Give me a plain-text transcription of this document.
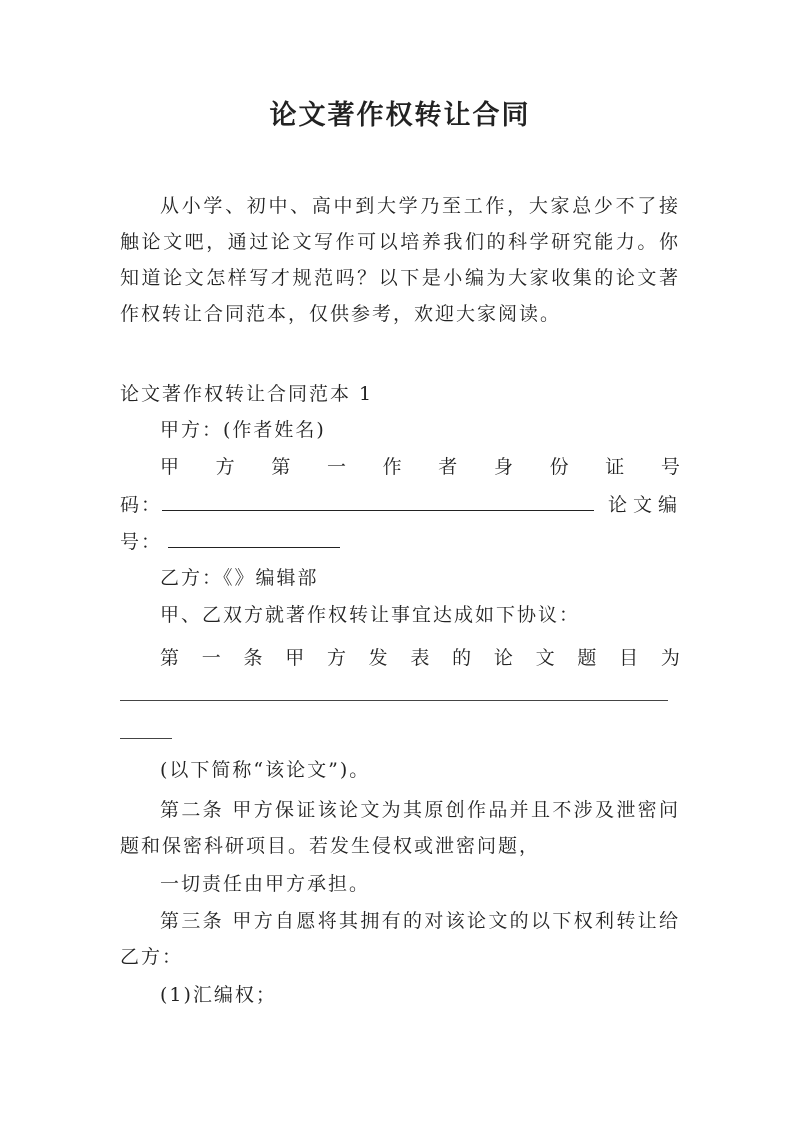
论文著作权转让合同
从小学、初中、高中到大学乃至工作，大家总少不了接触论文吧，通过论文写作可以培养我们的科学研究能力。你知道论文怎样写才规范吗？以下是小编为大家收集的论文著作权转让合同范本，仅供参考，欢迎大家阅读。
论文著作权转让合同范本 1
甲方：(作者姓名)
甲 方 第 一 作 者 身 份 证 号
码：	论文编
号：
乙方：《》编辑部
甲、乙双方就著作权转让事宜达成如下协议：
第 一 条 甲 方 发 表 的 论 文 题 目 为
(以下简称“该论文”)。
第二条 甲方保证该论文为其原创作品并且不涉及泄密问题和保密科研项目。若发生侵权或泄密问题，
一切责任由甲方承担。
第三条 甲方自愿将其拥有的对该论文的以下权利转让给乙方：
(1)汇编权；
